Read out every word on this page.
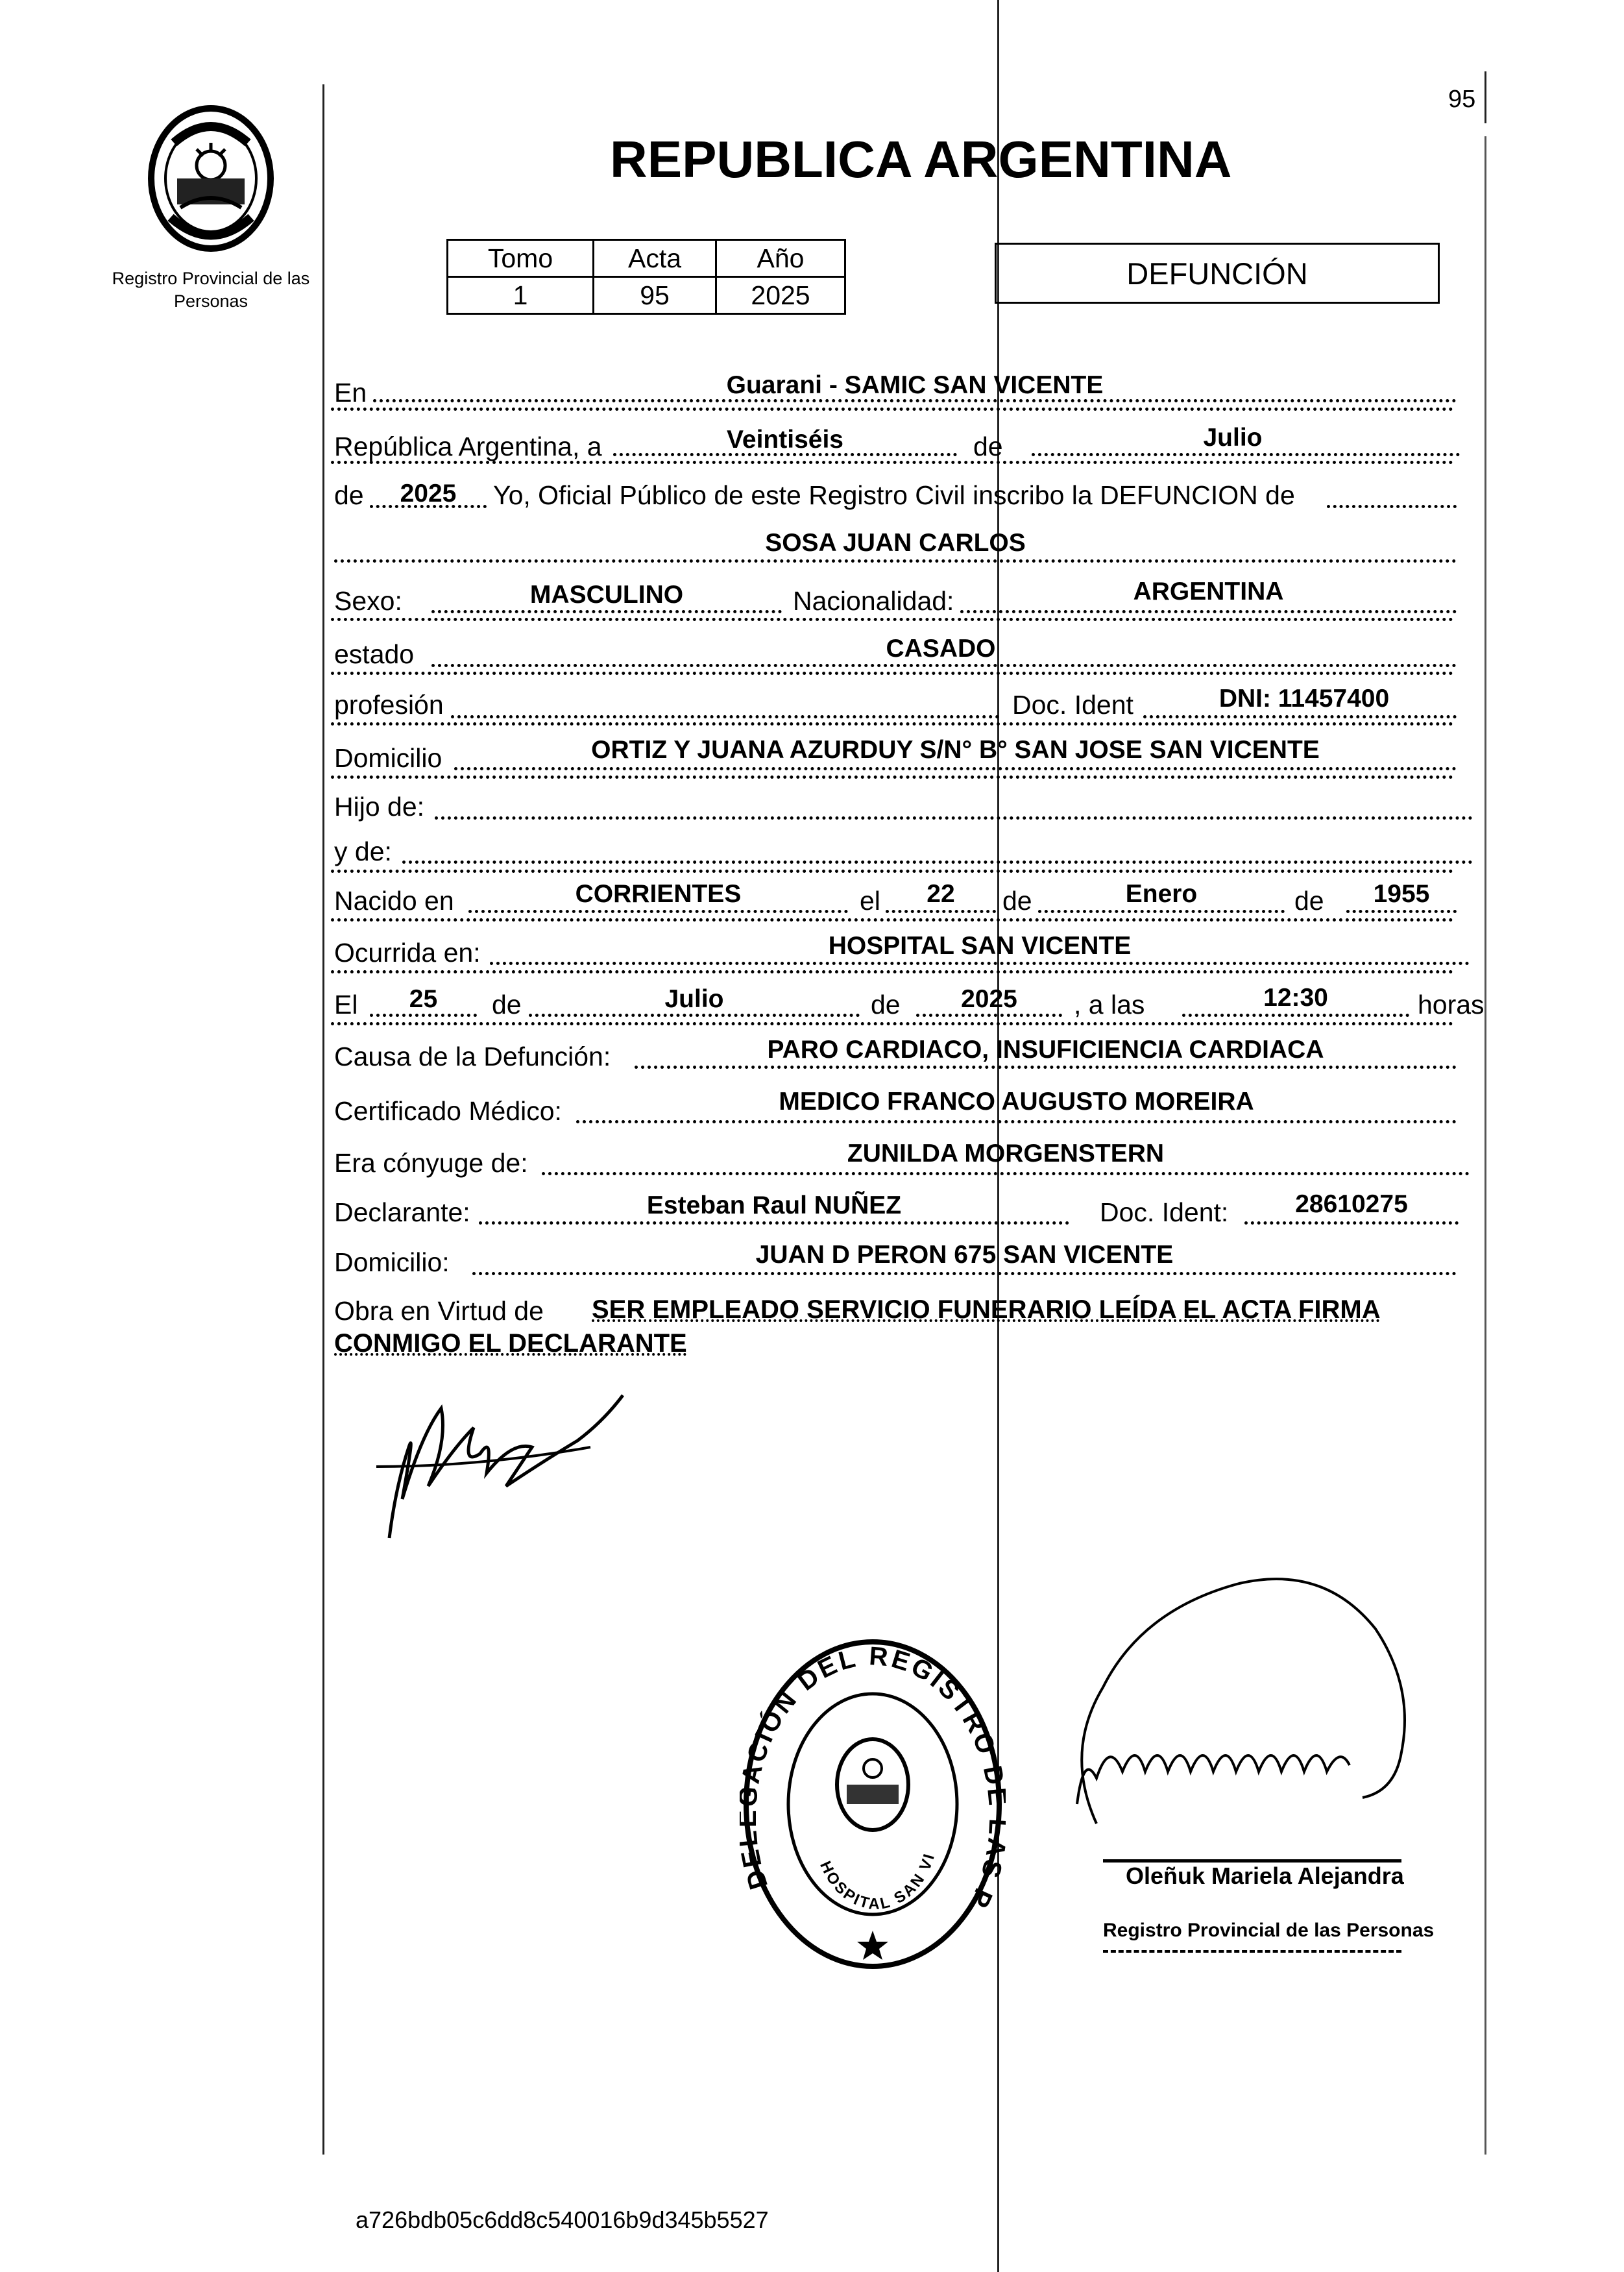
95
Registro Provincial de las Personas
REPUBLICA ARGENTINA
Tomo	Acta	Año
1	95	2025
DEFUNCIÓN
En	Guarani - SAMIC SAN VICENTE
República Argentina, a	Veintiséis	de	Julio
de	2025	Yo, Oficial Público de este Registro Civil inscribo la DEFUNCION de
SOSA JUAN CARLOS
Sexo:	MASCULINO	Nacionalidad:	ARGENTINA
estado	CASADO
profesión	Doc. Ident	DNI: 11457400
Domicilio	ORTIZ Y JUANA AZURDUY S/N° B° SAN JOSE SAN VICENTE
Hijo de:
y de:
Nacido en	CORRIENTES	el	22	de	Enero	de	1955
Ocurrida en:	HOSPITAL SAN VICENTE
El	25	de	Julio	de	2025	, a las	12:30	horas
Causa de la Defunción:	PARO CARDIACO, INSUFICIENCIA CARDIACA
Certificado Médico:	MEDICO FRANCO AUGUSTO MOREIRA
Era cónyuge de:	ZUNILDA MORGENSTERN
Declarante:	Esteban Raul NUÑEZ	Doc. Ident:	28610275
Domicilio:	JUAN D PERON 675 SAN VICENTE
Obra en Virtud de SER EMPLEADO SERVICIO FUNERARIO LEÍDA EL ACTA FIRMA
CONMIGO EL DECLARANTE
D CIÓN DEL REGISTRO S P
HOSPITAL SAN VI
Oleñuk Mariela Alejandra
Registro Provincial de las Personas
a726bdb05c6dd8c540016b9d345b5527
